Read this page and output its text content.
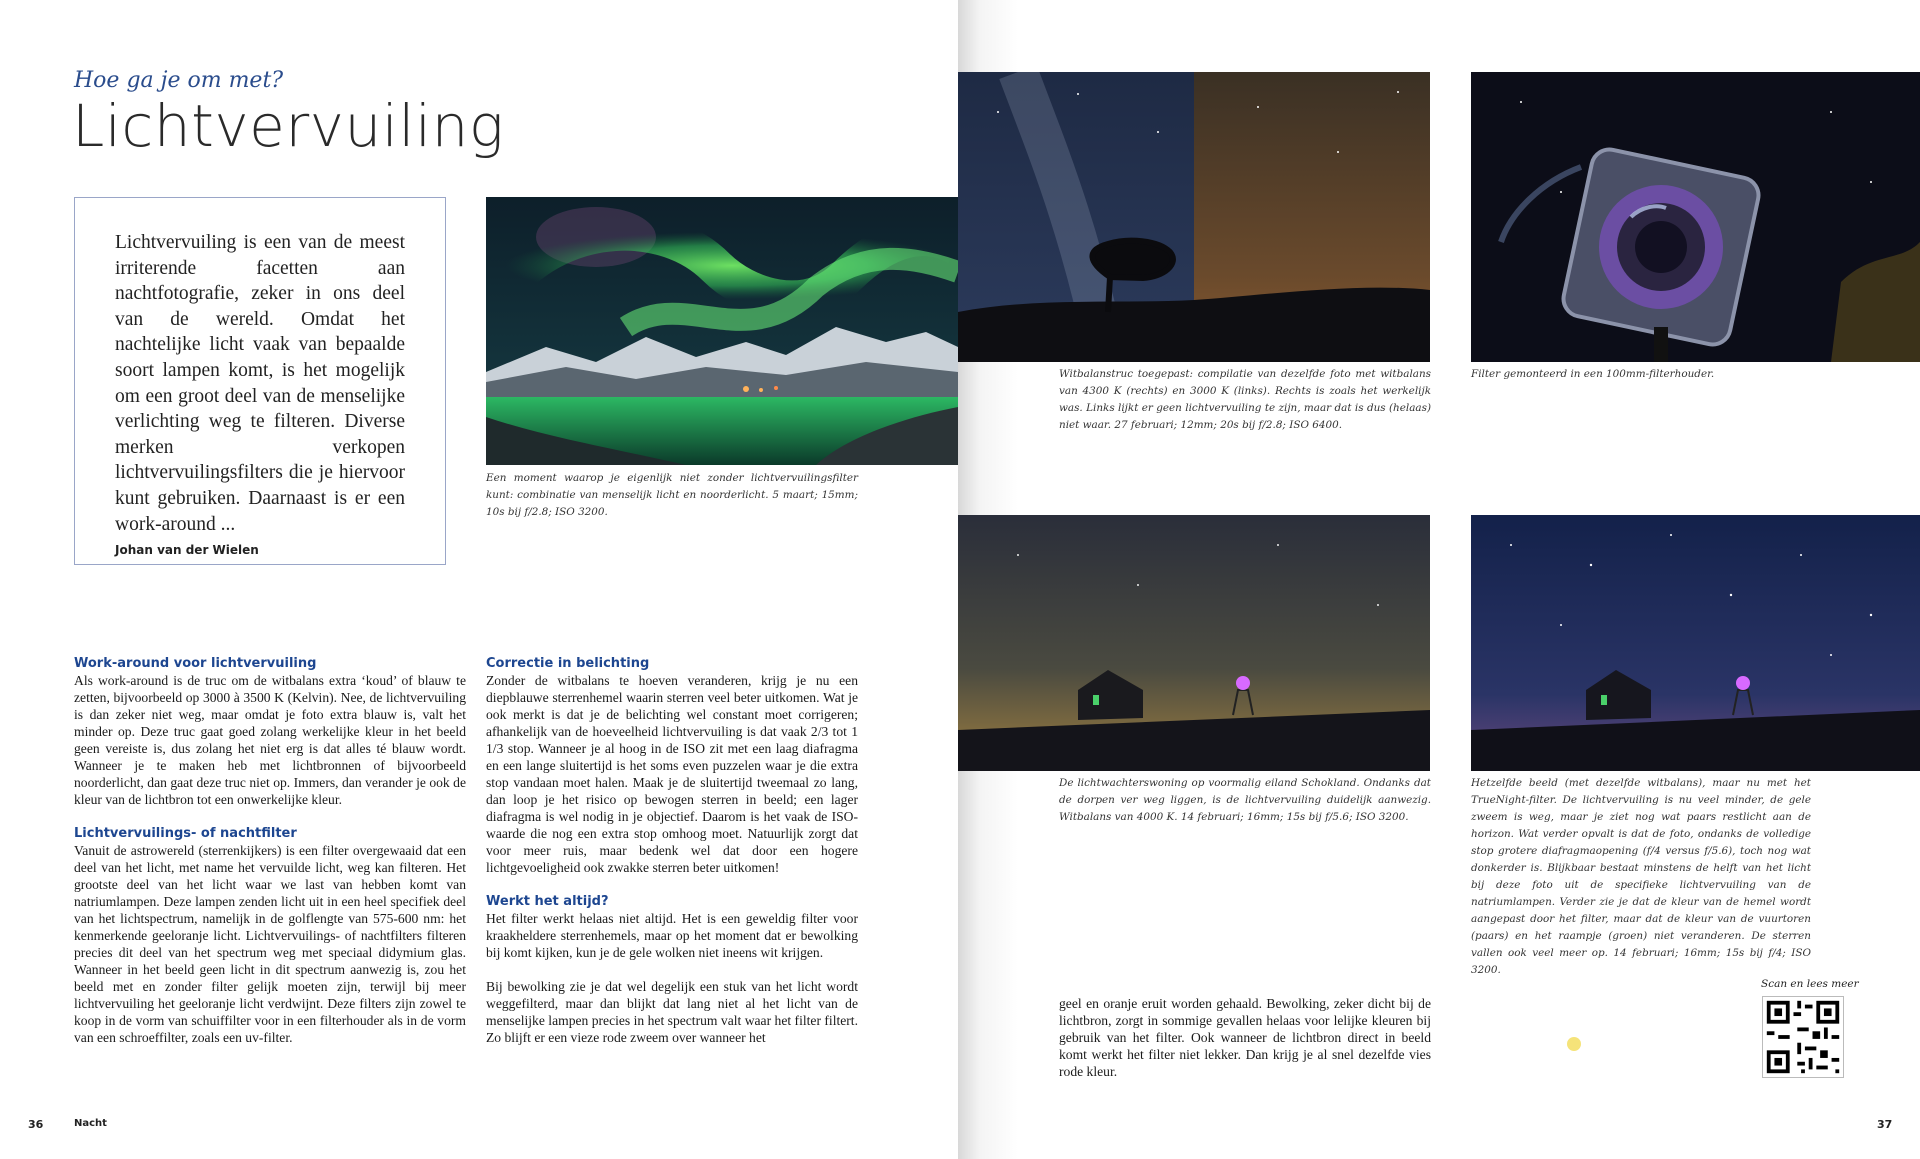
Hoe ga je om met?
Lichtvervuiling

Lichtvervuiling is een van de meest irriterende facetten aan nachtfotografie, zeker in ons deel van de wereld. Omdat het nachtelijke licht vaak van bepaalde soort lampen komt, is het mogelijk om een groot deel van de menselijke verlichting weg te filteren. Diverse merken verkopen lichtvervuilingsfilters die je hiervoor kunt gebruiken. Daarnaast is er een work-around ...

Johan van der Wielen

Een moment waarop je eigenlijk niet zonder lichtvervuilingsfilter kunt: combinatie van menselijk licht en noorderlicht. 5 maart; 15mm; 10s bij f/2.8; ISO 3200.

Work-around voor lichtvervuiling

Als work-around is de truc om de witbalans extra ‘koud’ of blauw te zetten, bijvoorbeeld op 3000 à 3500 K (Kelvin). Nee, de lichtvervuiling is dan zeker niet weg, maar omdat je foto extra blauw is, valt het minder op. Deze truc gaat goed zolang werkelijke kleur in het beeld geen vereiste is, dus zolang het niet erg is dat alles té blauw wordt. Wanneer je te maken heb met lichtbronnen of bijvoorbeeld noorderlicht, dan gaat deze truc niet op. Immers, dan verander je ook de kleur van de lichtbron tot een onwerkelijke kleur.

Lichtvervuilings- of nachtfilter

Vanuit de astrowereld (sterrenkijkers) is een filter overgewaaid dat een deel van het licht, met name het vervuilde licht, weg kan filteren. Het grootste deel van het licht waar we last van hebben komt van natriumlampen. Deze lampen zenden licht uit in een heel specifiek deel van het lichtspectrum, namelijk in de golflengte van 575-600 nm: het kenmerkende geeloranje licht. Lichtvervuilings- of nachtfilters filteren precies dit deel van het spectrum weg met speciaal didymium glas. Wanneer in het beeld geen licht in dit spectrum aanwezig is, zou het beeld met en zonder filter gelijk moeten zijn, terwijl bij meer lichtvervuiling het geeloranje licht verdwijnt. Deze filters zijn zowel te koop in de vorm van schuiffilter voor in een filterhouder als in de vorm van een schroeffilter, zoals een uv-filter.

Correctie in belichting

Zonder de witbalans te hoeven veranderen, krijg je nu een diepblauwe sterrenhemel waarin sterren veel beter uitkomen. Wat je ook merkt is dat je de belichting wel constant moet corrigeren; afhankelijk van de hoeveelheid lichtvervuiling is dat vaak 2/3 tot 1 1/3 stop. Wanneer je al hoog in de ISO zit met een laag diafragma en een lange sluitertijd is het soms even puzzelen waar je die extra stop vandaan moet halen. Maak je de sluitertijd tweemaal zo lang, dan loop je het risico op bewogen sterren in beeld; een lager diafragma is wel nodig in je objectief. Daarom is het vaak de ISO-waarde die nog een extra stop omhoog moet. Natuurlijk zorgt dat voor meer ruis, maar bedenk wel dat door een hogere lichtgevoeligheid ook zwakke sterren beter uitkomen!

Werkt het altijd?

Het filter werkt helaas niet altijd. Het is een geweldig filter voor kraakheldere sterrenhemels, maar op het moment dat er bewolking bij komt kijken, kun je de gele wolken niet ineens wit krijgen.

Bij bewolking zie je dat wel degelijk een stuk van het licht wordt weggefilterd, maar dan blijkt dat lang niet al het licht van de menselijke lampen precies in het spectrum valt waar het filter filtert. Zo blijft er een vieze rode zweem over wanneer het

36	Nacht

Witbalanstruc toegepast: compilatie van dezelfde foto met witbalans van 4300 K (rechts) en 3000 K (links). Rechts is zoals het werkelijk was. Links lijkt er geen lichtvervuiling te zijn, maar dat is dus (helaas) niet waar. 27 februari; 12mm; 20s bij f/2.8; ISO 6400.

Filter gemonteerd in een 100mm-filterhouder.

De lichtwachterswoning op voormalig eiland Schokland. Ondanks dat de dorpen ver weg liggen, is de lichtvervuiling duidelijk aanwezig. Witbalans van 4000 K. 14 februari; 16mm; 15s bij f/5.6; ISO 3200.

Hetzelfde beeld (met dezelfde witbalans), maar nu met het TrueNight-filter. De lichtvervuiling is nu veel minder, de gele zweem is weg, maar je ziet nog wat paars restlicht aan de horizon. Wat verder opvalt is dat de foto, ondanks de volledige stop grotere diafragmaopening (f/4 versus f/5.6), toch nog wat donkerder is. Blijkbaar bestaat minstens de helft van het licht bij deze foto uit de specifieke lichtvervuiling van de natriumlampen. Verder zie je dat de kleur van de hemel wordt aangepast door het filter, maar dat de kleur van de vuurtoren (paars) en het raampje (groen) niet veranderen. De sterren vallen ook veel meer op. 14 februari; 16mm; 15s bij f/4; ISO 3200.

geel en oranje eruit worden gehaald. Bewolking, zeker dicht bij de lichtbron, zorgt in sommige gevallen helaas voor lelijke kleuren bij gebruik van het filter. Ook wanneer de lichtbron direct in beeld komt werkt het filter niet lekker. Dan krijg je al snel dezelfde vies rode kleur.

Scan en lees meer
37
